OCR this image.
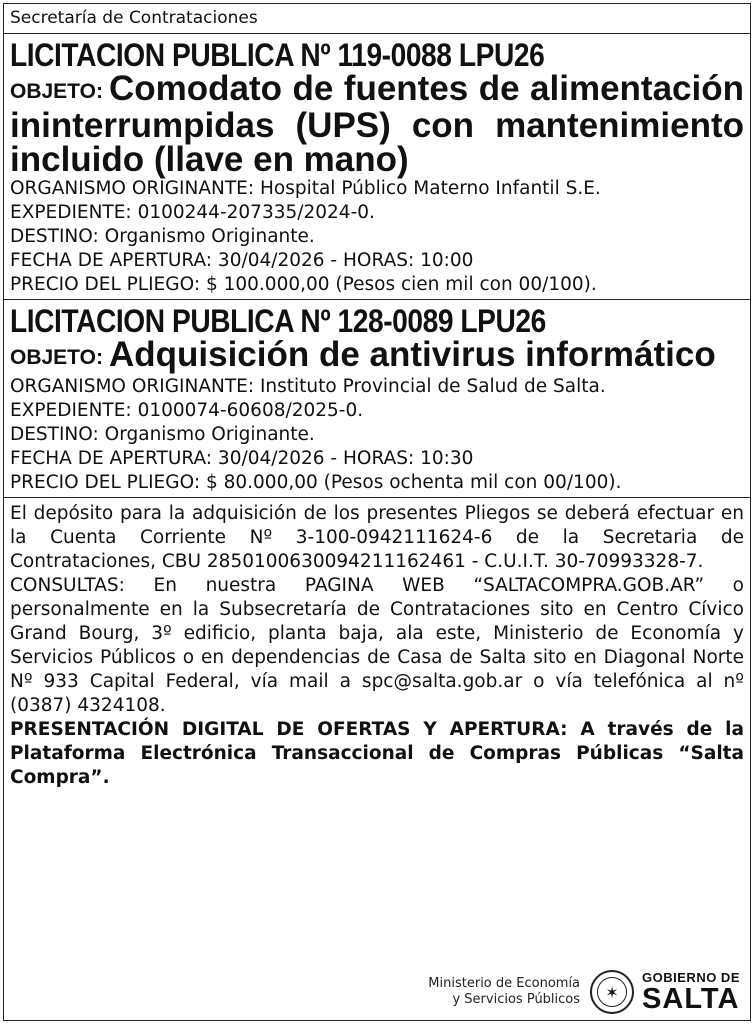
Secretaría de Contrataciones
LICITACION PUBLICA Nº 119-0088 LPU26
OBJETO: Comodato de fuentes de alimentación ininterrumpidas (UPS) con mantenimiento incluido (llave en mano)
ORGANISMO ORIGINANTE: Hospital Público Materno Infantil S.E.
EXPEDIENTE: 0100244-207335/2024-0.
DESTINO: Organismo Originante.
FECHA DE APERTURA: 30/04/2026 - HORAS: 10:00
PRECIO DEL PLIEGO: $ 100.000,00 (Pesos cien mil con 00/100).
LICITACION PUBLICA Nº 128-0089 LPU26
OBJETO: Adquisición de antivirus informático
ORGANISMO ORIGINANTE: Instituto Provincial de Salud de Salta.
EXPEDIENTE: 0100074-60608/2025-0.
DESTINO: Organismo Originante.
FECHA DE APERTURA: 30/04/2026 - HORAS: 10:30
PRECIO DEL PLIEGO: $ 80.000,00 (Pesos ochenta mil con 00/100).

El depósito para la adquisición de los presentes Pliegos se deberá efectuar en la Cuenta Corriente Nº 3-100-0942111624-6 de la Secretaria de Contrataciones, CBU 2850100630094211162461 - C.U.I.T. 30-70993328-7.

CONSULTAS: En nuestra PAGINA WEB “SALTACOMPRA.GOB.AR” o personalmente en la Subsecretaría de Contrataciones sito en Centro Cívico Grand Bourg, 3º edificio, planta baja, ala este, Ministerio de Economía y Servicios Públicos o en dependencias de Casa de Salta sito en Diagonal Norte Nº 933 Capital Federal, vía mail a spc@salta.gob.ar o vía telefónica al nº (0387) 4324108.

PRESENTACIÓN DIGITAL DE OFERTAS Y APERTURA: A través de la Plataforma Electrónica Transaccional de Compras Públicas “Salta Compra”.

Ministerio de Economía
y Servicios Públicos	✶
GOBIERNO DE
SALTA
